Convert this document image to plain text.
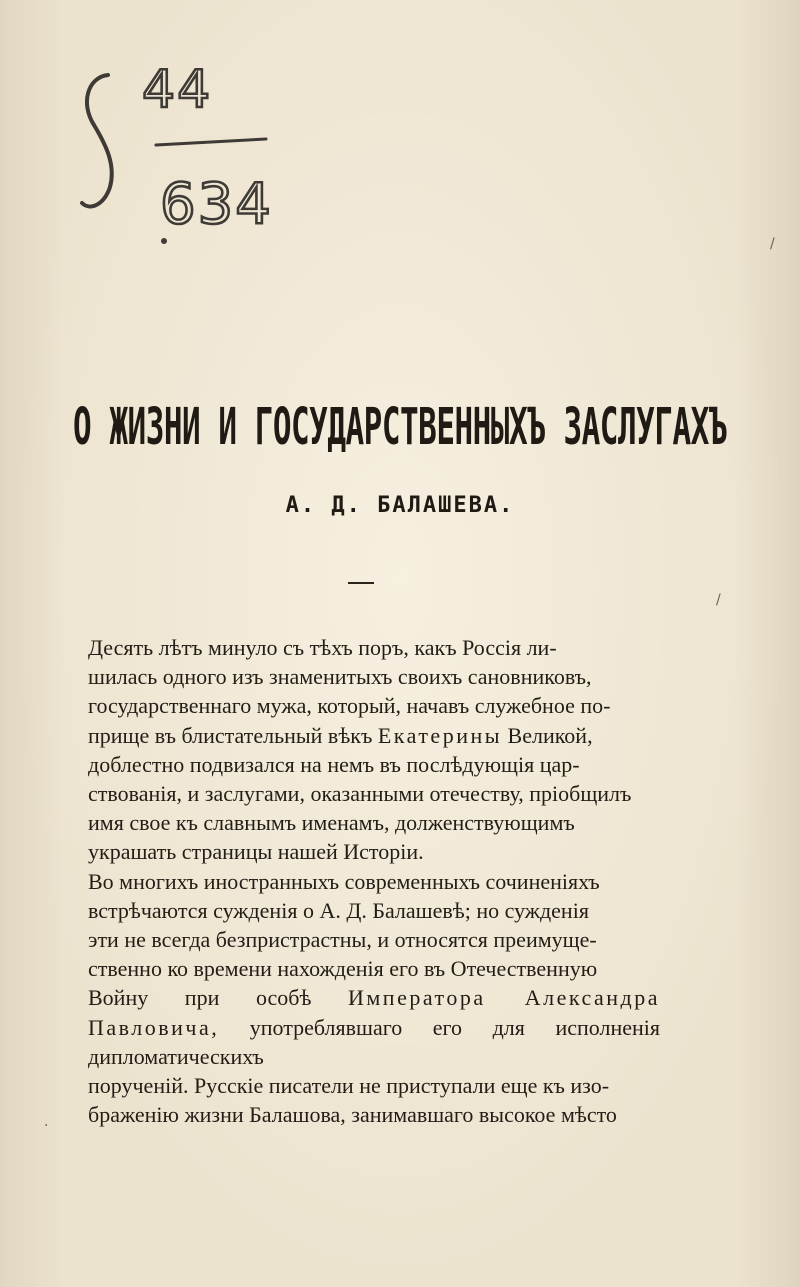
44
634
О ЖИЗНИ И ГОСУДАРСТВЕННЫХЪ ЗАСЛУГАХЪ
А. Д. БАЛАШЕВА.

Десять лѣтъ минуло съ тѣхъ поръ, какъ Россія ли-
шилась одного изъ знаменитыхъ своихъ сановниковъ,
государственнаго мужа, который, начавъ служебное по-
прище въ блистательный вѣкъ Екатерины Великой,
доблестно подвизался на немъ въ послѣдующія цар-
ствованія, и заслугами, оказанными отечеству, пріобщилъ
имя свое къ славнымъ именамъ, долженствующимъ
украшать страницы нашей Исторіи.

Во многихъ иностранныхъ современныхъ сочиненіяхъ
встрѣчаются сужденія о А. Д. Балашевѣ; но сужденія
эти не всегда безпристрастны, и относятся преимуще-
ственно ко времени нахожденія его въ Отечественную
Войну при особѣ Императора Александра Павловича, употреблявшаго его для исполненія дипломатическихъ
порученій. Русскіе писатели не приступали еще къ изо-
браженію жизни Балашова, занимавшаго высокое мѣсто

/
/
·
